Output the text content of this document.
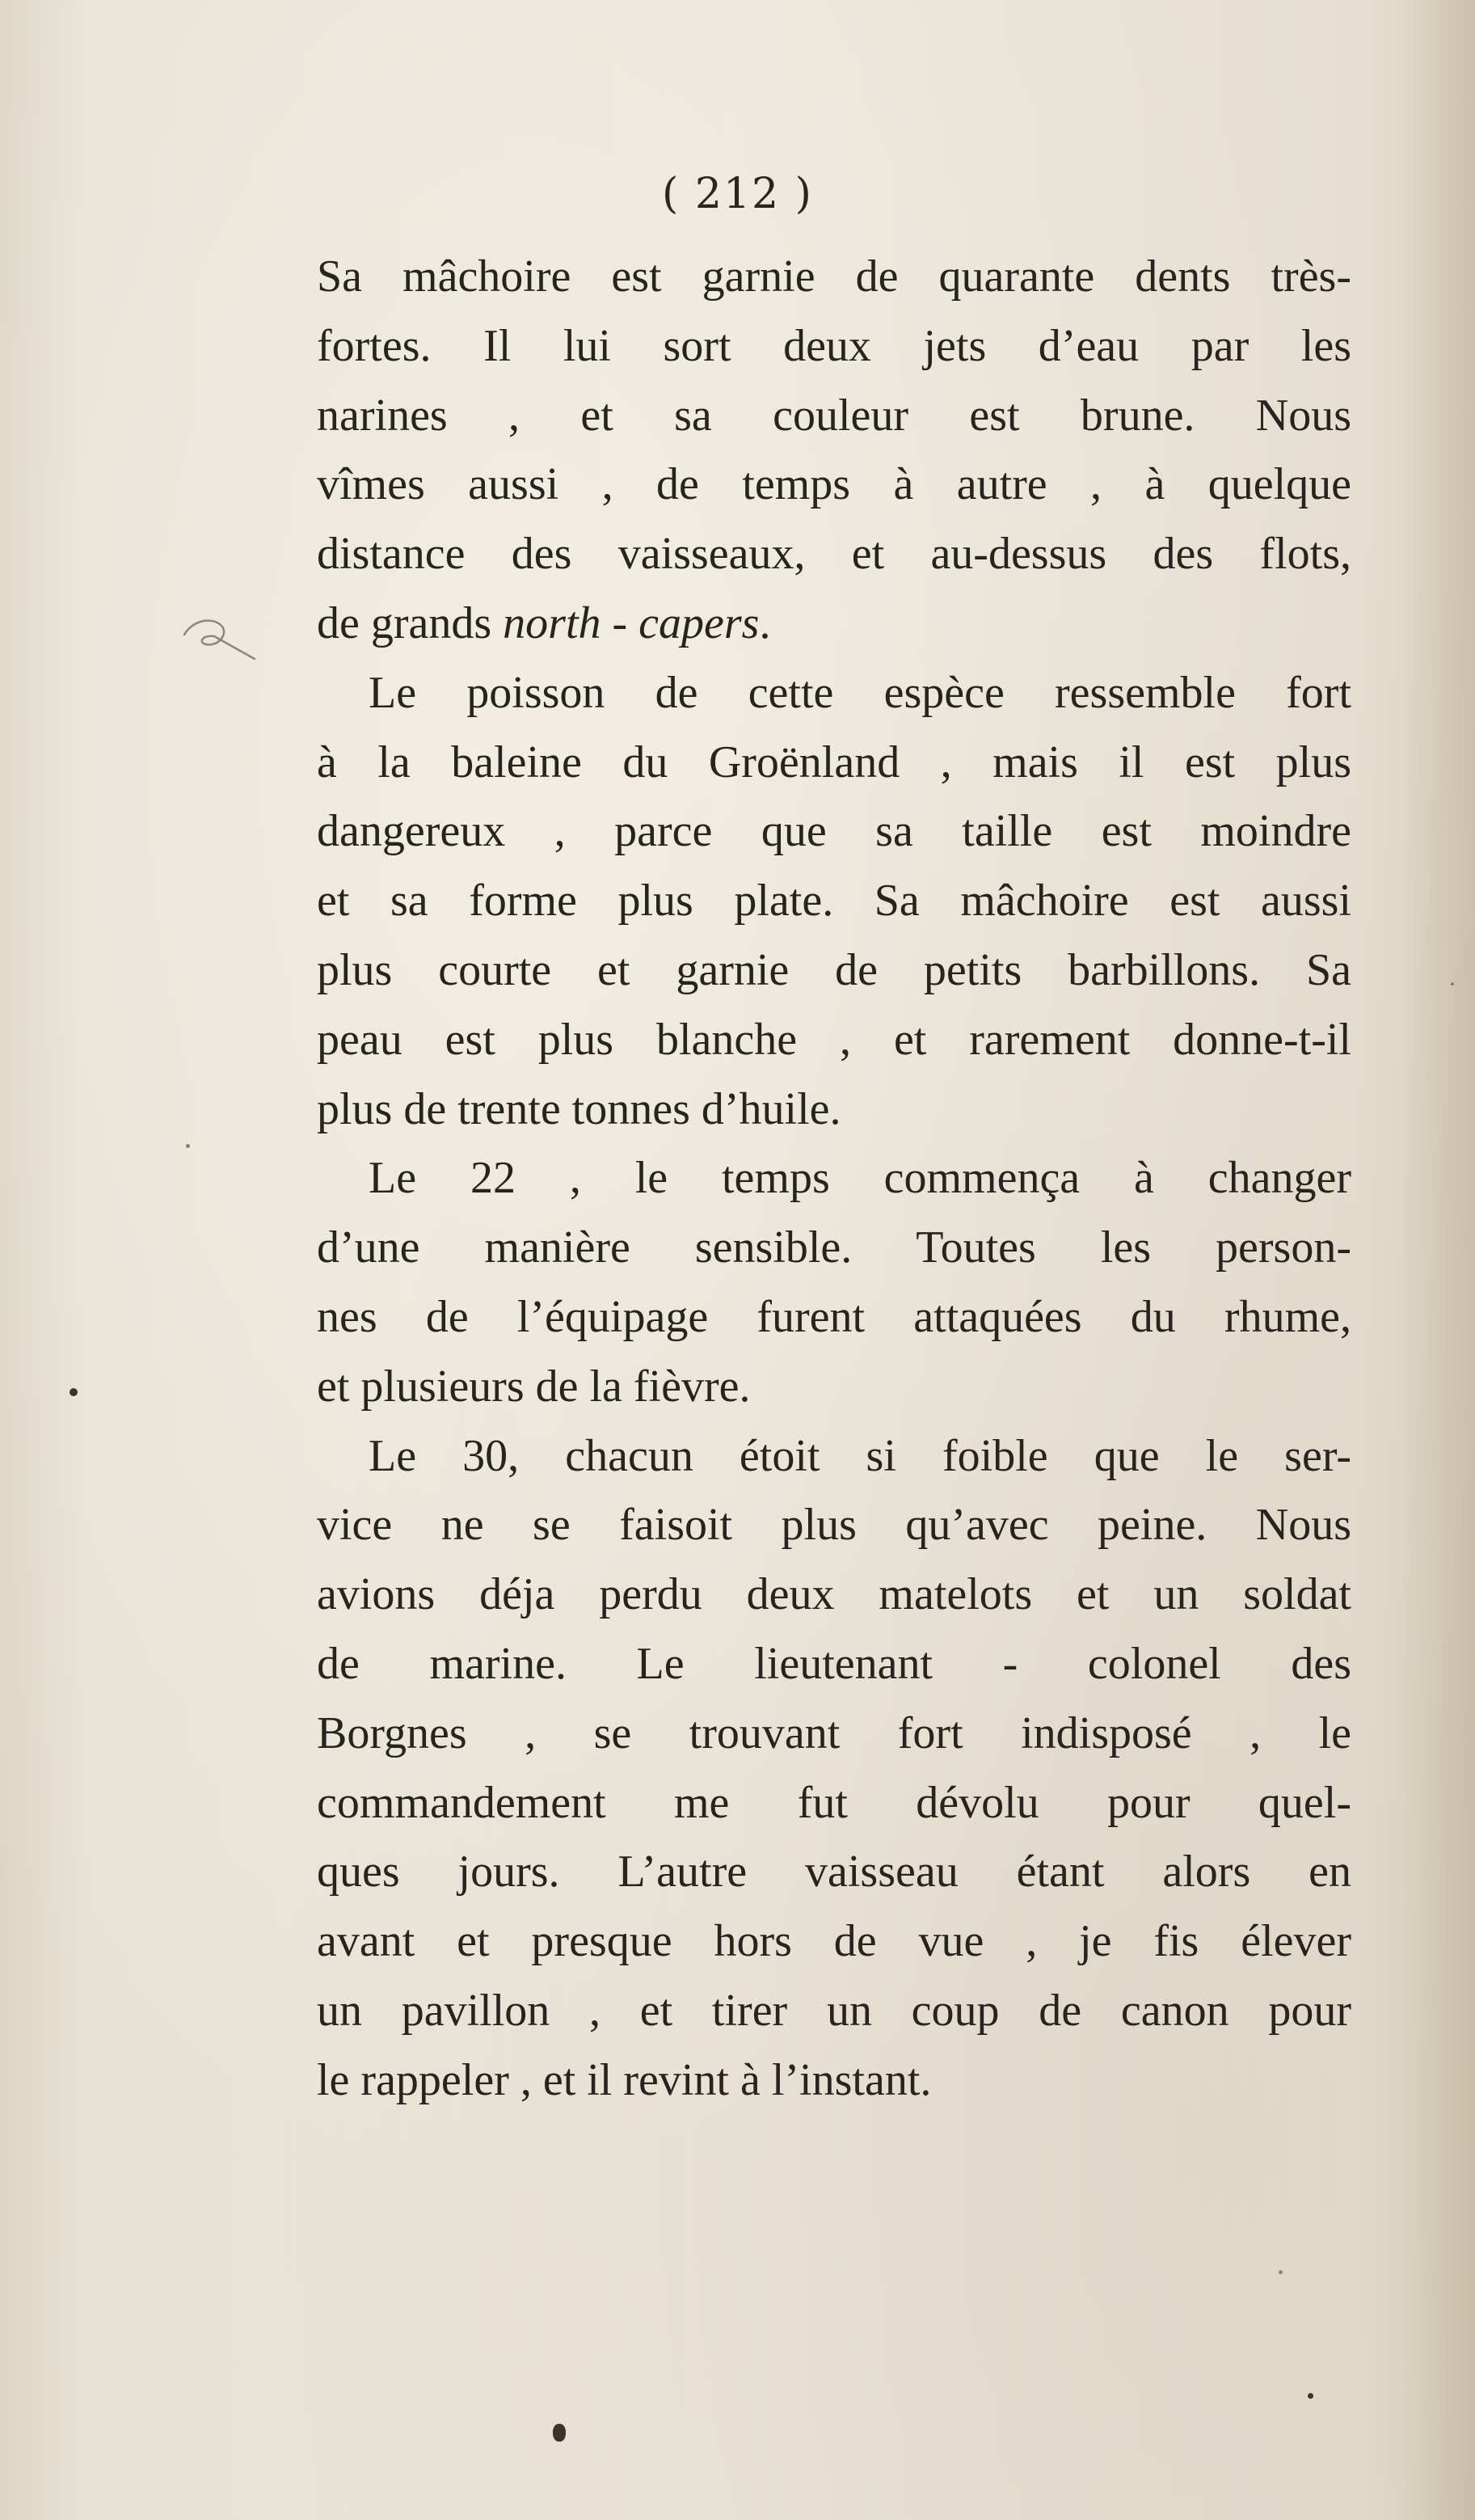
( 212 )
Sa mâchoire est garnie de quarante dents très-
fortes. Il lui sort deux jets d’eau par les
narines , et sa couleur est brune. Nous
vîmes aussi , de temps à autre , à quelque
distance des vaisseaux, et au-dessus des flots,
de grands north - capers.
Le poisson de cette espèce ressemble fort
à la baleine du Groënland , mais il est plus
dangereux , parce que sa taille est moindre
et sa forme plus plate. Sa mâchoire est aussi
plus courte et garnie de petits barbillons. Sa
peau est plus blanche , et rarement donne-t-il
plus de trente tonnes d’huile.
Le 22 , le temps commença à changer
d’une manière sensible. Toutes les person-
nes de l’équipage furent attaquées du rhume,
et plusieurs de la fièvre.
Le 30, chacun étoit si foible que le ser-
vice ne se faisoit plus qu’avec peine. Nous
avions déja perdu deux matelots et un soldat
de marine. Le lieutenant - colonel des
Borgnes , se trouvant fort indisposé , le
commandement me fut dévolu pour quel-
ques jours. L’autre vaisseau étant alors en
avant et presque hors de vue , je fis élever
un pavillon , et tirer un coup de canon pour
le rappeler , et il revint à l’instant.
